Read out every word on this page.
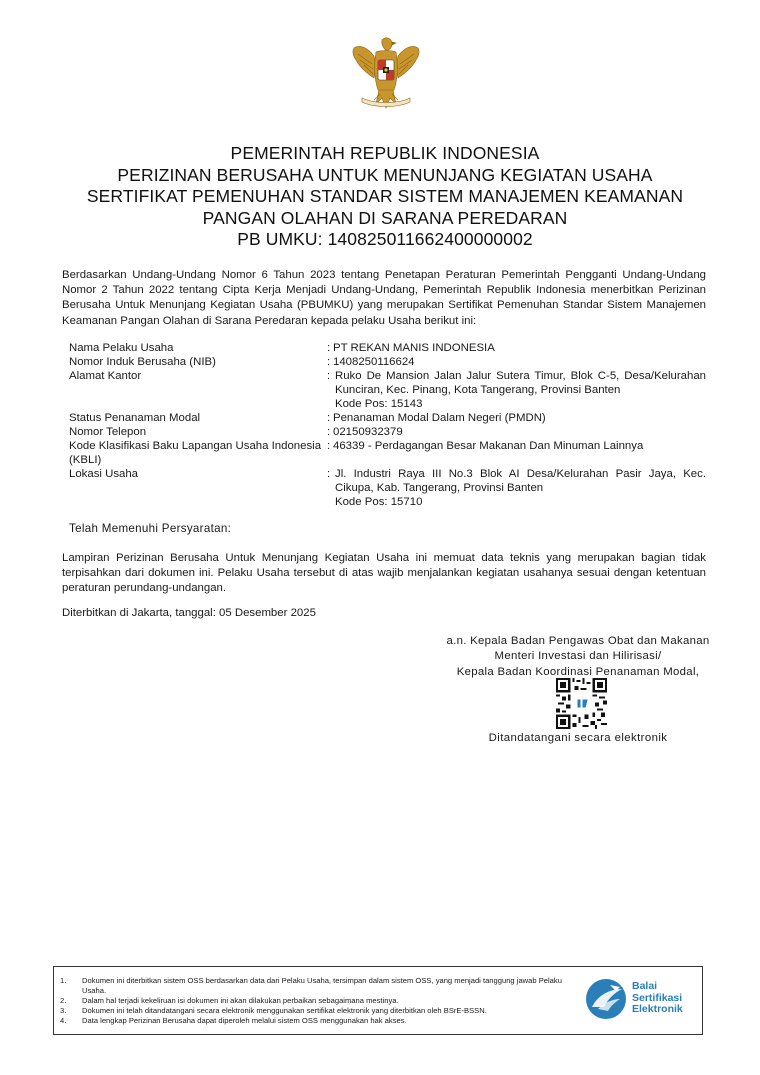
PEMERINTAH REPUBLIK INDONESIA
PERIZINAN BERUSAHA UNTUK MENUNJANG KEGIATAN USAHA
SERTIFIKAT PEMENUHAN STANDAR SISTEM MANAJEMEN KEAMANAN
PANGAN OLAHAN DI SARANA PEREDARAN
PB UMKU: 140825011662400000002
Berdasarkan Undang-Undang Nomor 6 Tahun 2023 tentang Penetapan Peraturan Pemerintah Pengganti Undang-Undang Nomor 2 Tahun 2022 tentang Cipta Kerja Menjadi Undang-Undang, Pemerintah Republik Indonesia menerbitkan Perizinan Berusaha Untuk Menunjang Kegiatan Usaha (PBUMKU) yang merupakan Sertifikat Pemenuhan Standar Sistem Manajemen Keamanan Pangan Olahan di Sarana Peredaran kepada pelaku Usaha berikut ini:
Nama Pelaku Usaha	: PT REKAN MANIS INDONESIA
Nomor Induk Berusaha (NIB)	: 1408250116624
Alamat Kantor	: Ruko De Mansion Jalan Jalur Sutera Timur, Blok C-5, Desa/Kelurahan Kunciran, Kec. Pinang, Kota Tangerang, Provinsi Banten
Kode Pos: 15143
Status Penanaman Modal	: Penanaman Modal Dalam Negeri (PMDN)
Nomor Telepon	: 02150932379
Kode Klasifikasi Baku Lapangan Usaha Indonesia
(KBLI)
: 46339 - Perdagangan Besar Makanan Dan Minuman Lainnya
Lokasi Usaha	: Jl. Industri Raya III No.3 Blok AI Desa/Kelurahan Pasir Jaya, Kec. Cikupa, Kab. Tangerang, Provinsi Banten
Kode Pos: 15710
Telah Memenuhi Persyaratan:
Lampiran Perizinan Berusaha Untuk Menunjang Kegiatan Usaha ini memuat data teknis yang merupakan bagian tidak terpisahkan dari dokumen ini. Pelaku Usaha tersebut di atas wajib menjalankan kegiatan usahanya sesuai dengan ketentuan peraturan perundang-undangan.
Diterbitkan di Jakarta, tanggal: 05 Desember 2025
a.n. Kepala Badan Pengawas Obat dan Makanan
Menteri Investasi dan Hilirisasi/
Kepala Badan Koordinasi Penanaman Modal,
Ditandatangani secara elektronik
1. Dokumen ini diterbitkan sistem OSS berdasarkan data dari Pelaku Usaha, tersimpan dalam sistem OSS, yang menjadi tanggung jawab Pelaku Usaha.
2. Dalam hal terjadi kekeliruan isi dokumen ini akan dilakukan perbaikan sebagaimana mestinya.
3. Dokumen ini telah ditandatangani secara elektronik menggunakan sertifikat elektronik yang diterbitkan oleh BSrE-BSSN.
4. Data lengkap Perizinan Berusaha dapat diperoleh melalui sistem OSS menggunakan hak akses.
Balai
Sertifikasi
Elektronik
